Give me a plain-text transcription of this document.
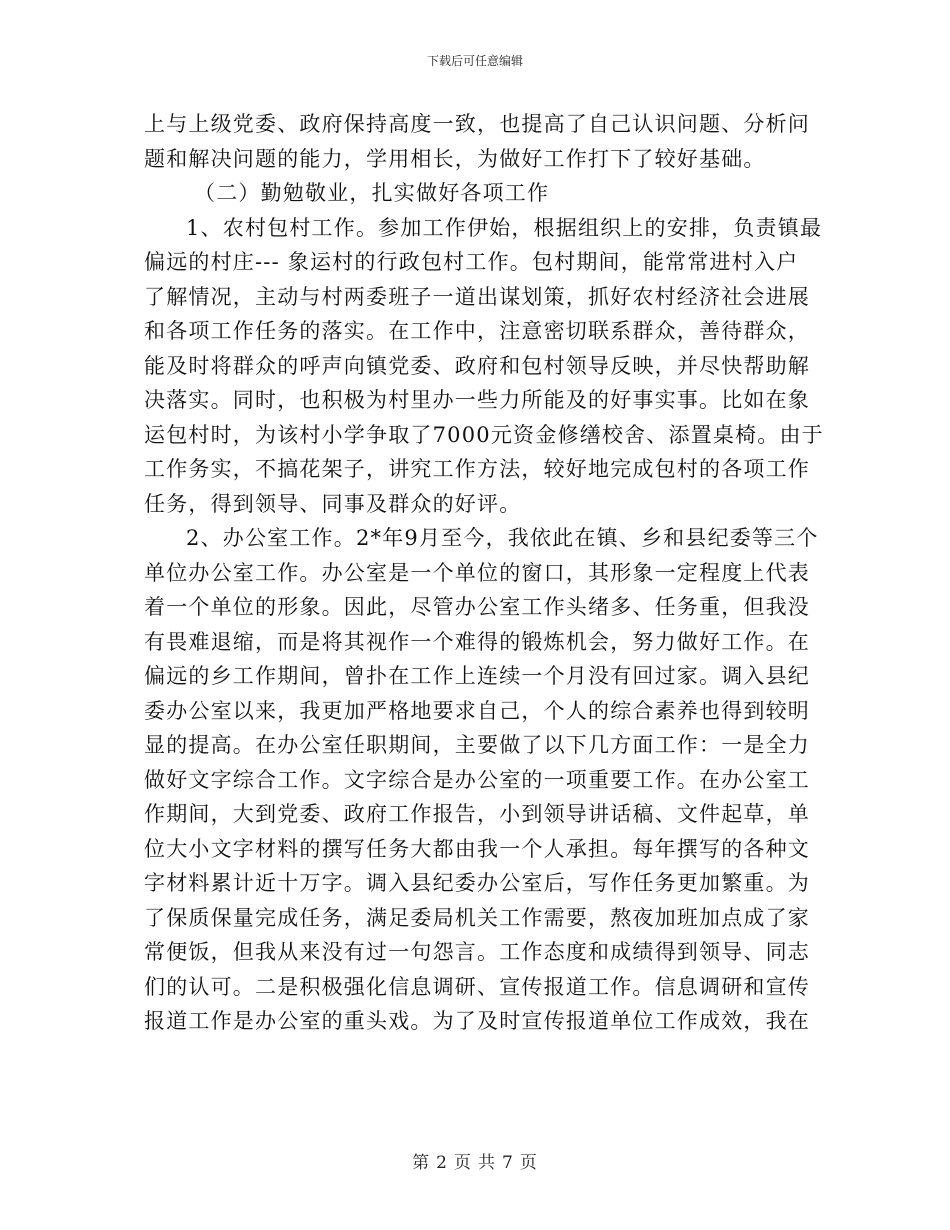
下载后可任意编辑
上与上级党委、政府保持高度一致，也提高了自己认识问题、分析问
题和解决问题的能力，学用相长，为做好工作打下了较好基础。
（二）勤勉敬业，扎实做好各项工作
1、农村包村工作。参加工作伊始，根据组织上的安排，负责镇最
偏远的村庄--- 象运村的行政包村工作。包村期间，能常常进村入户
了解情况，主动与村两委班子一道出谋划策，抓好农村经济社会进展
和各项工作任务的落实。在工作中，注意密切联系群众，善待群众，
能及时将群众的呼声向镇党委、政府和包村领导反映，并尽快帮助解
决落实。同时，也积极为村里办一些力所能及的好事实事。比如在象
运包村时，为该村小学争取了7000元资金修缮校舍、添置桌椅。由于
工作务实，不搞花架子，讲究工作方法，较好地完成包村的各项工作
任务，得到领导、同事及群众的好评。
2、办公室工作。2*年9月至今，我依此在镇、乡和县纪委等三个
单位办公室工作。办公室是一个单位的窗口，其形象一定程度上代表
着一个单位的形象。因此，尽管办公室工作头绪多、任务重，但我没
有畏难退缩，而是将其视作一个难得的锻炼机会，努力做好工作。在
偏远的乡工作期间，曾扑在工作上连续一个月没有回过家。调入县纪
委办公室以来，我更加严格地要求自己，个人的综合素养也得到较明
显的提高。在办公室任职期间，主要做了以下几方面工作：一是全力
做好文字综合工作。文字综合是办公室的一项重要工作。在办公室工
作期间，大到党委、政府工作报告，小到领导讲话稿、文件起草，单
位大小文字材料的撰写任务大都由我一个人承担。每年撰写的各种文
字材料累计近十万字。调入县纪委办公室后，写作任务更加繁重。为
了保质保量完成任务，满足委局机关工作需要，熬夜加班加点成了家
常便饭，但我从来没有过一句怨言。工作态度和成绩得到领导、同志
们的认可。二是积极强化信息调研、宣传报道工作。信息调研和宣传
报道工作是办公室的重头戏。为了及时宣传报道单位工作成效，我在
第 2 页 共 7 页
